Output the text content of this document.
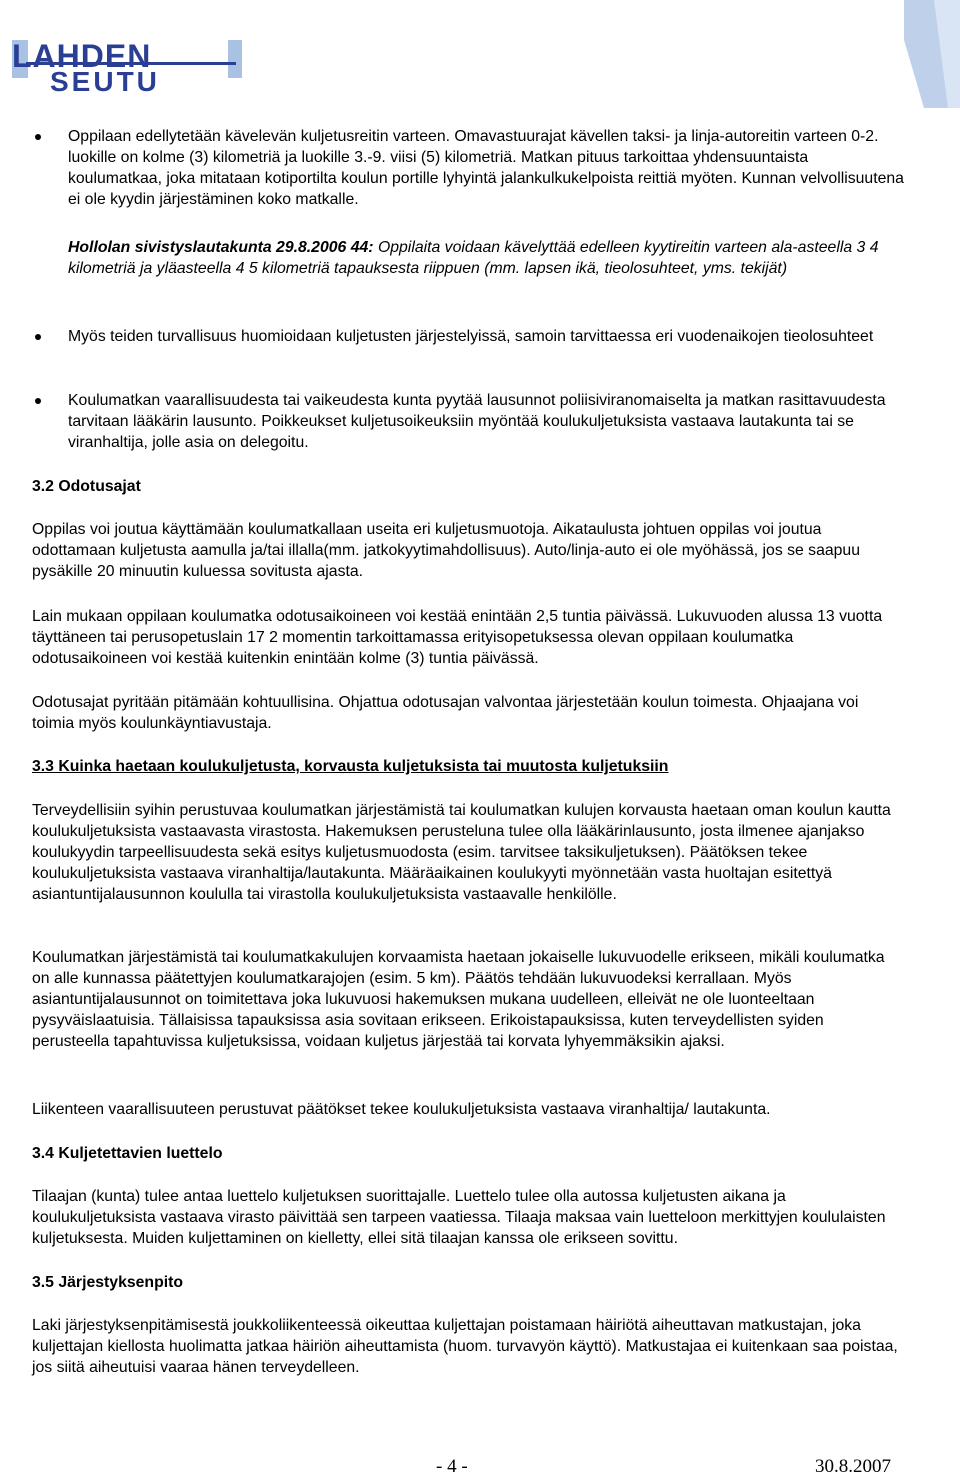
LAHDEN
SEUTU

Oppilaan edellytetään kävelevän kuljetusreitin varteen. Omavastuurajat kävellen taksi- ja linja-autoreitin varteen 0-2. luokille on kolme (3) kilometriä ja luokille 3.-9. viisi (5) kilometriä. Matkan pituus tarkoittaa yhdensuuntaista koulumatkaa, joka mitataan kotiportilta koulun portille lyhyintä jalankulkukelpoista reittiä myöten. Kunnan velvollisuutena ei ole kyydin järjestäminen koko matkalle.

Hollolan sivistyslautakunta 29.8.2006 44: Oppilaita voidaan kävelyttää edelleen kyytireitin varteen ala-asteella 3 4 kilometriä ja yläasteella 4 5 kilometriä tapauksesta riippuen (mm. lapsen ikä, tieolosuhteet, yms. tekijät)

Myös teiden turvallisuus huomioidaan kuljetusten järjestelyissä, samoin tarvittaessa eri vuodenaikojen tieolosuhteet

Koulumatkan vaarallisuudesta tai vaikeudesta kunta pyytää lausunnot poliisiviranomaiselta ja matkan rasittavuudesta tarvitaan lääkärin lausunto. Poikkeukset kuljetusoikeuksiin myöntää koulukuljetuksista vastaava lautakunta tai se viranhaltija, jolle asia on delegoitu.

3.2 Odotusajat

Oppilas voi joutua käyttämään koulumatkallaan useita eri kuljetusmuotoja. Aikataulusta johtuen oppilas voi joutua odottamaan kuljetusta aamulla ja/tai illalla(mm. jatkokyytimahdollisuus). Auto/linja-auto ei ole myöhässä, jos se saapuu pysäkille 20 minuutin kuluessa sovitusta ajasta.

Lain mukaan oppilaan koulumatka odotusaikoineen voi kestää enintään 2,5 tuntia päivässä. Lukuvuoden alussa 13 vuotta täyttäneen tai perusopetuslain 17 2 momentin tarkoittamassa erityisopetuksessa olevan oppilaan koulumatka odotusaikoineen voi kestää kuitenkin enintään kolme (3) tuntia päivässä.

Odotusajat pyritään pitämään kohtuullisina. Ohjattua odotusajan valvontaa järjestetään koulun toimesta. Ohjaajana voi toimia myös koulunkäyntiavustaja.

3.3 Kuinka haetaan koulukuljetusta, korvausta kuljetuksista tai muutosta kuljetuksiin

Terveydellisiin syihin perustuvaa koulumatkan järjestämistä tai koulumatkan kulujen korvausta haetaan oman koulun kautta koulukuljetuksista vastaavasta virastosta. Hakemuksen perusteluna tulee olla lääkärinlausunto, josta ilmenee ajanjakso koulukyydin tarpeellisuudesta sekä esitys kuljetusmuodosta (esim. tarvitsee taksikuljetuksen). Päätöksen tekee koulukuljetuksista vastaava viranhaltija/lautakunta. Määräaikainen koulukyyti myönnetään vasta huoltajan esitettyä asiantuntijalausunnon koululla tai virastolla koulukuljetuksista vastaavalle henkilölle.

Koulumatkan järjestämistä tai koulumatkakulujen korvaamista haetaan jokaiselle lukuvuodelle erikseen, mikäli koulumatka on alle kunnassa päätettyjen koulumatkarajojen (esim. 5 km). Päätös tehdään lukuvuodeksi kerrallaan. Myös asiantuntijalausunnot on toimitettava joka lukuvuosi hakemuksen mukana uudelleen, elleivät ne ole luonteeltaan pysyväislaatuisia. Tällaisissa tapauksissa asia sovitaan erikseen. Erikoistapauksissa, kuten terveydellisten syiden perusteella tapahtuvissa kuljetuksissa, voidaan kuljetus järjestää tai korvata lyhyemmäksikin ajaksi.

Liikenteen vaarallisuuteen perustuvat päätökset tekee koulukuljetuksista vastaava viranhaltija/ lautakunta.

3.4 Kuljetettavien luettelo

Tilaajan (kunta) tulee antaa luettelo kuljetuksen suorittajalle. Luettelo tulee olla autossa kuljetusten aikana ja koulukuljetuksista vastaava virasto päivittää sen tarpeen vaatiessa. Tilaaja maksaa vain luetteloon merkittyjen koululaisten kuljetuksesta. Muiden kuljettaminen on kielletty, ellei sitä tilaajan kanssa ole erikseen sovittu.

3.5 Järjestyksenpito

Laki järjestyksenpitämisestä joukkoliikenteessä oikeuttaa kuljettajan poistamaan häiriötä aiheuttavan matkustajan, joka kuljettajan kiellosta huolimatta jatkaa häiriön aiheuttamista (huom. turvavyön käyttö). Matkustajaa ei kuitenkaan saa poistaa, jos siitä aiheutuisi vaaraa hänen terveydelleen.

- 4 -	30.8.2007
